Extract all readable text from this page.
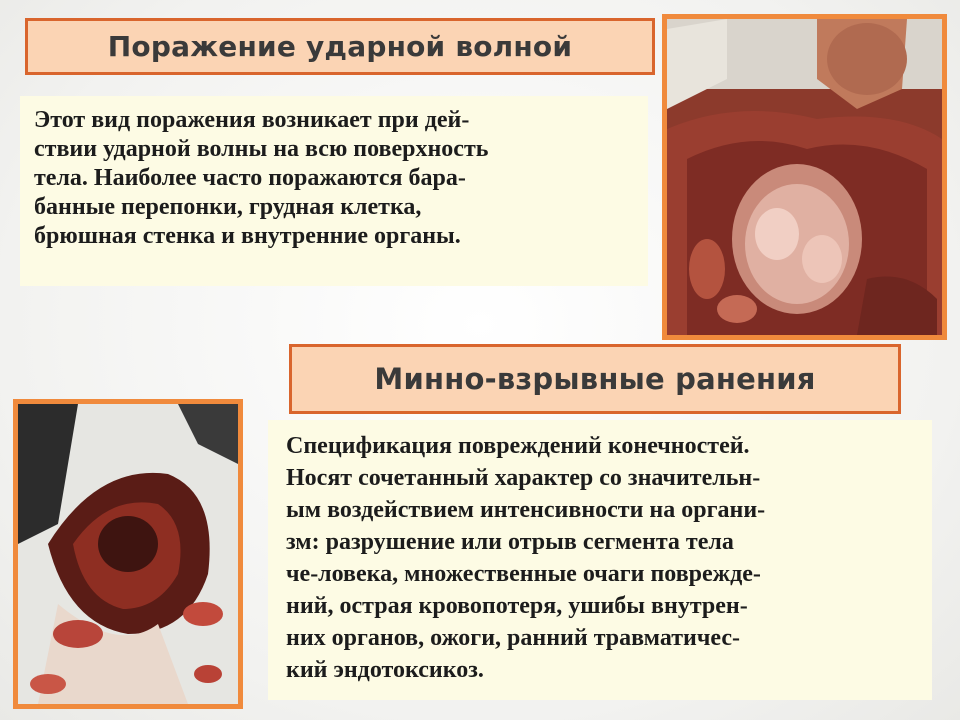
Поражение ударной волной
Этот вид поражения возникает при дей-
ствии ударной волны на всю поверхность
тела. Наиболее часто поражаются бара-
банные перепонки, грудная клетка,
брюшная стенка и внутренние органы.
Минно-взрывные ранения
Спецификация повреждений конечностей.
Носят сочетанный характер со значительн-
ым воздействием интенсивности на органи-
зм: разрушение или отрыв сегмента тела
че-ловека, множественные очаги поврежде-
ний, острая кровопотеря, ушибы внутрен-
них органов, ожоги, ранний травматичес-
кий эндотоксикоз.
